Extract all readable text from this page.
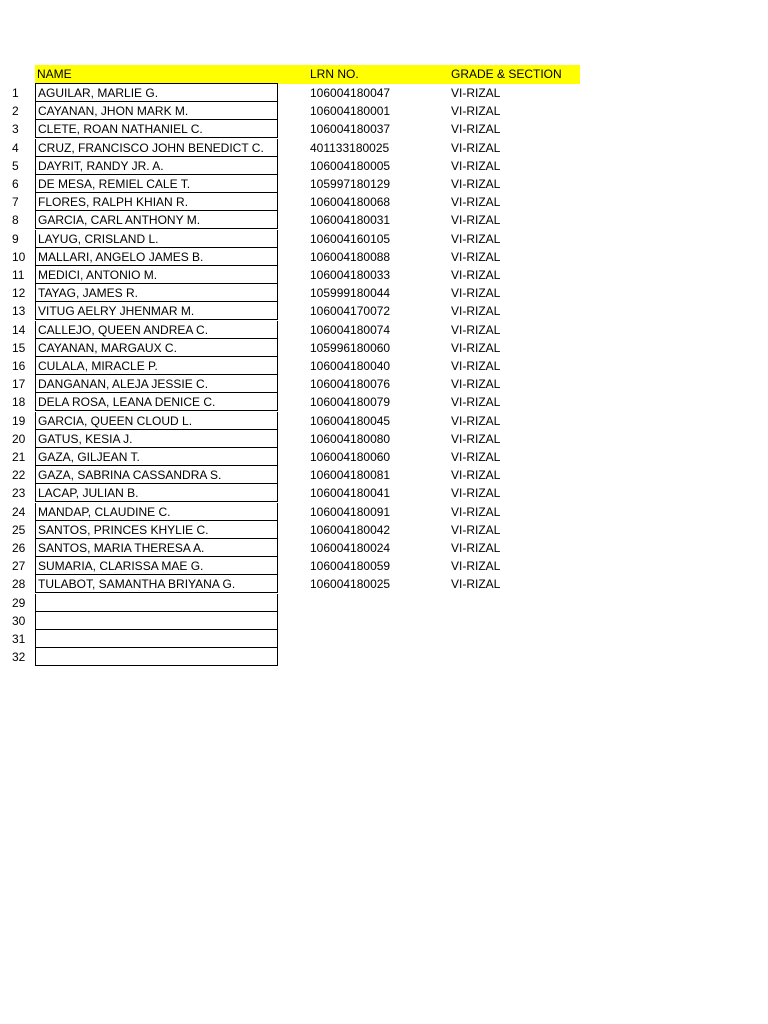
NAME	LRN NO.	GRADE & SECTION
1 AGUILAR, MARLIE G.	106004180047	VI-RIZAL
2 CAYANAN, JHON MARK M.	106004180001	VI-RIZAL
3 CLETE, ROAN NATHANIEL C.	106004180037	VI-RIZAL
4 CRUZ, FRANCISCO JOHN BENEDICT C.	401133180025	VI-RIZAL
5 DAYRIT, RANDY JR. A.	106004180005	VI-RIZAL
6 DE MESA, REMIEL CALE T.	105997180129	VI-RIZAL
7 FLORES, RALPH KHIAN R.	106004180068	VI-RIZAL
8 GARCIA, CARL ANTHONY M.	106004180031	VI-RIZAL
9 LAYUG, CRISLAND L.	106004160105	VI-RIZAL
10 MALLARI, ANGELO JAMES B.	106004180088	VI-RIZAL
11 MEDICI, ANTONIO M.	106004180033	VI-RIZAL
12 TAYAG, JAMES R.	105999180044	VI-RIZAL
13 VITUG AELRY JHENMAR M.	106004170072	VI-RIZAL
14 CALLEJO, QUEEN ANDREA C.	106004180074	VI-RIZAL
15 CAYANAN, MARGAUX C.	105996180060	VI-RIZAL
16 CULALA, MIRACLE P.	106004180040	VI-RIZAL
17 DANGANAN, ALEJA JESSIE C.	106004180076	VI-RIZAL
18 DELA ROSA, LEANA DENICE C.	106004180079	VI-RIZAL
19 GARCIA, QUEEN CLOUD L.	106004180045	VI-RIZAL
20 GATUS, KESIA J.	106004180080	VI-RIZAL
21 GAZA, GILJEAN T.	106004180060	VI-RIZAL
22 GAZA, SABRINA CASSANDRA S.	106004180081	VI-RIZAL
23 LACAP, JULIAN B.	106004180041	VI-RIZAL
24 MANDAP, CLAUDINE C.	106004180091	VI-RIZAL
25 SANTOS, PRINCES KHYLIE C.	106004180042	VI-RIZAL
26 SANTOS, MARIA THERESA A.	106004180024	VI-RIZAL
27 SUMARIA, CLARISSA MAE G.	106004180059	VI-RIZAL
28 TULABOT, SAMANTHA BRIYANA G.	106004180025	VI-RIZAL
29
30
31
32
